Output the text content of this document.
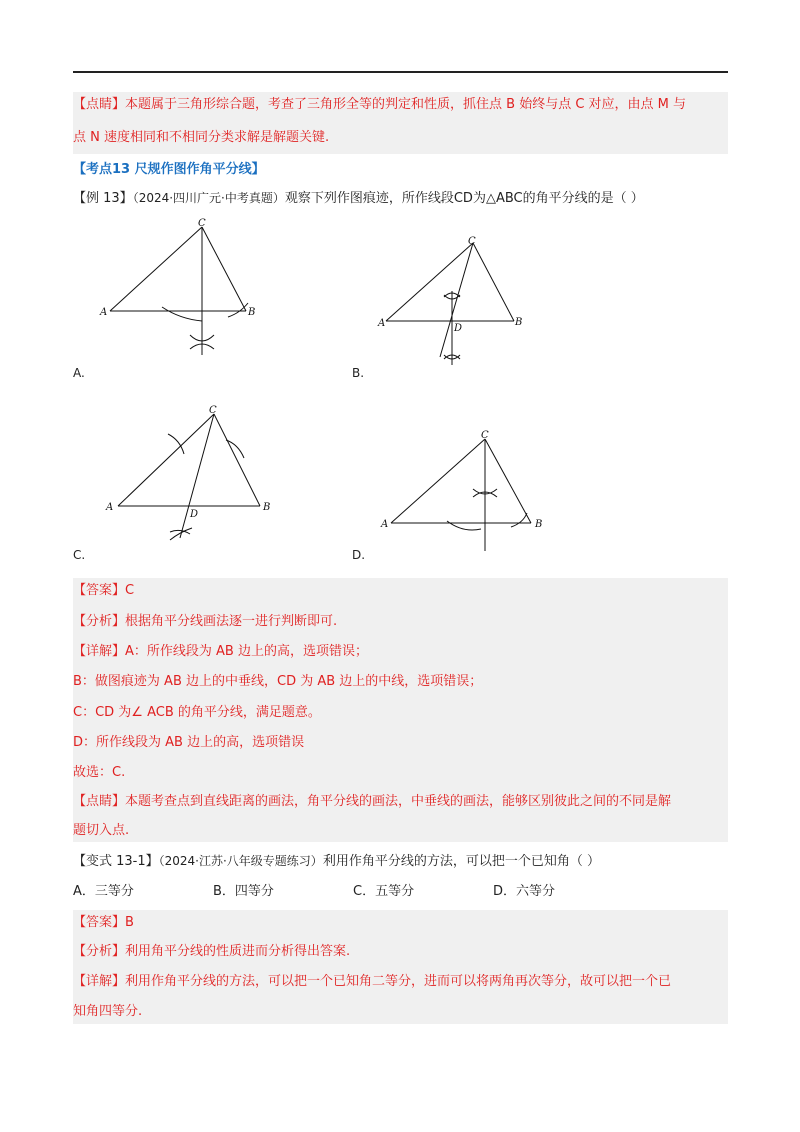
【点睛】本题属于三角形综合题，考查了三角形全等的判定和性质，抓住点 B 始终与点 C 对应，由点 M 与
点 N 速度相同和不相同分类求解是解题关键.
【考点13 尺规作图作角平分线】
【例 13】（2024·四川广元·中考真题）观察下列作图痕迹，所作线段CD为△ABC的角平分线的是（ ）
C
A	B
A.
C
A	B
D
B.
C
A	B
D
C.
C
A	B
D.
【答案】C
【分析】根据角平分线画法逐一进行判断即可.
【详解】A：所作线段为 AB 边上的高，选项错误；
B：做图痕迹为 AB 边上的中垂线，CD 为 AB 边上的中线，选项错误；
C：CD 为∠ ACB 的角平分线，满足题意。
D：所作线段为 AB 边上的高，选项错误
故选：C.
【点睛】本题考查点到直线距离的画法，角平分线的画法，中垂线的画法，能够区别彼此之间的不同是解
题切入点.
【变式 13-1】（2024·江苏·八年级专题练习）利用作角平分线的方法，可以把一个已知角（ ）
A．三等分	B．四等分	C．五等分	D．六等分
【答案】B
【分析】利用角平分线的性质进而分析得出答案.
【详解】利用作角平分线的方法，可以把一个已知角二等分，进而可以将两角再次等分，故可以把一个已
知角四等分.
